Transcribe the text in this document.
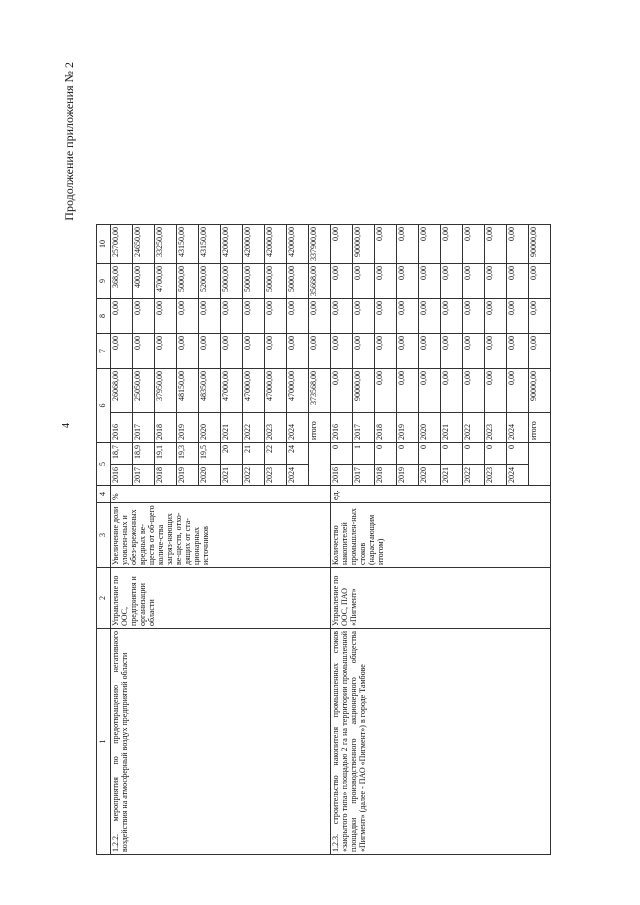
4
Продолжение приложения № 2
1	2	3	4	5		6		7	8	9	10
1.2.2. мероприятия по предотвращению негативного воздействия на атмосферный воздух предприятий области	Управление по ООС, предприятия и организации области	Увеличение доли уловлен-ных и обез-вреженных вредных ве-ществ от об-щего количе-ства загряз-няющих ве-ществ, отхо-дящих от ста-ционарных источников	%	2016	18,7	2016	26068,00	0,00	0,00	368,00	25700,00
				2017	18,9	2017	25050,00	0,00	0,00	400,00	24650,00
				2018	19,1	2018	37950,00	0,00	0,00	4700,00	33250,00
				2019	19,3	2019	48150,00	0,00	0,00	5000,00	43150,00
				2020	19,5	2020	48350,00	0,00	0,00	5200,00	43150,00
				2021	20	2021	47000,00	0,00	0,00	5000,00	42000,00
				2022	21	2022	47000,00	0,00	0,00	5000,00	42000,00
				2023	22	2023	47000,00	0,00	0,00	5000,00	42000,00
				2024	24	2024	47000,00	0,00	0,00	5000,00	42000,00
						итого	373568,00	0,00	0,00	35668,00	337900,00
1.2.3. строительство накопителя промышленных стоков «закрытого типа» площадью 2 га на территории промышленной площадки производственного акционерного общества «Пигмент» (далее - ПАО «Пигмент») в городе Тамбове	Управление по ООС, ПАО «Пигмент»	Количество накопителей промышлен-ных стоков (нарастающим итогом)	ед.	2016	0	2016	0,00	0,00	0,00	0,00	0,00
				2017	1	2017	90000,00	0,00	0,00	0,00	90000,00
				2018	0	2018	0,00	0,00	0,00	0,00	0,00
				2019	0	2019	0,00	0,00	0,00	0,00	0,00
				2020	0	2020	0,00	0,00	0,00	0,00	0,00
				2021	0	2021	0,00	0,00	0,00	0,00	0,00
				2022	0	2022	0,00	0,00	0,00	0,00	0,00
				2023	0	2023	0,00	0,00	0,00	0,00	0,00
				2024	0	2024	0,00	0,00	0,00	0,00	0,00
						итого	90000,00	0,00	0,00	0,00	90000,00
